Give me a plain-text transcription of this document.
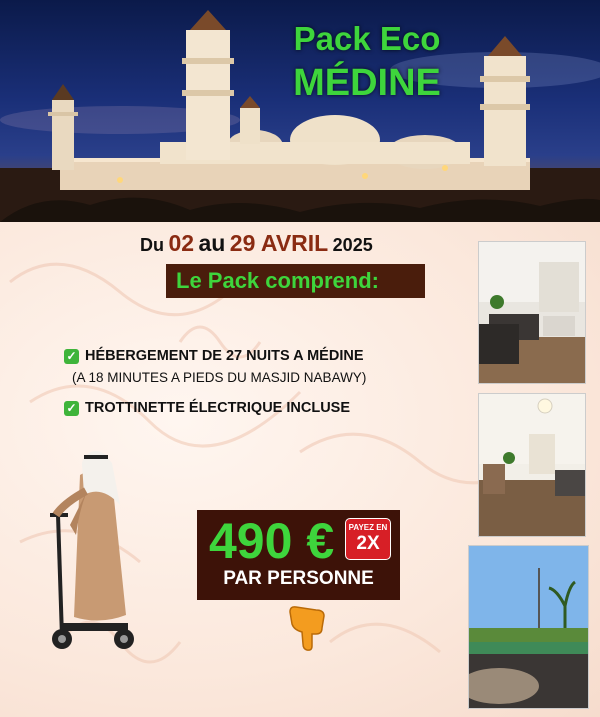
Pack Eco
MÉDINE
Du 02 au 29 AVRIL 2025
Le Pack comprend:
✓ HÉBERGEMENT DE 27 NUITS A MÉDINE
(A 18 MINUTES A PIEDS DU MASJID NABAWY)
✓ TROTTINETTE ÉLECTRIQUE INCLUSE
490 €	PAYEZ EN
2X
PAR PERSONNE
